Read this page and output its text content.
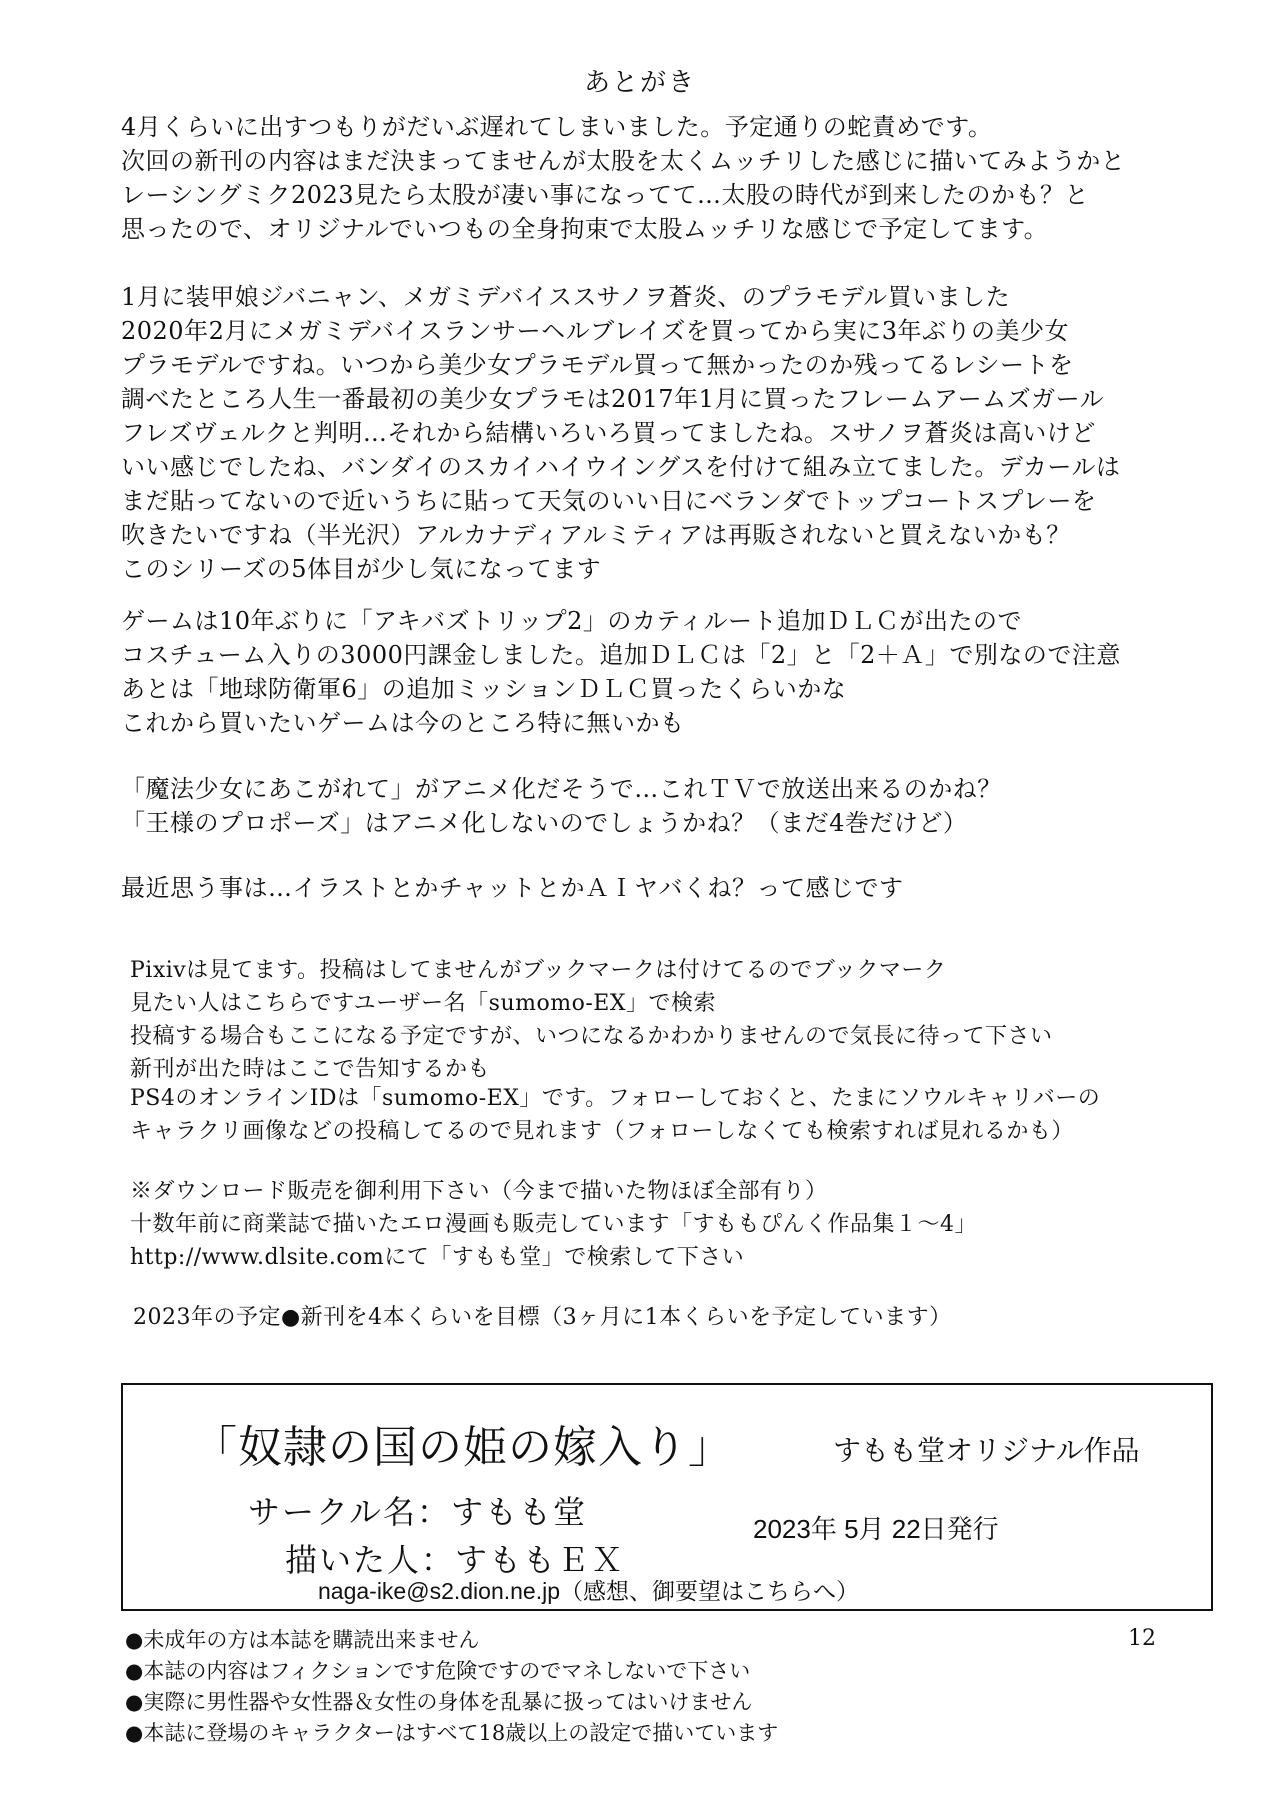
あとがき
4月くらいに出すつもりがだいぶ遅れてしまいました。予定通りの蛇責めです。
次回の新刊の内容はまだ決まってませんが太股を太くムッチリした感じに描いてみようかと
レーシングミク2023見たら太股が凄い事になってて…太股の時代が到来したのかも？と
思ったので、オリジナルでいつもの全身拘束で太股ムッチリな感じで予定してます。
1月に装甲娘ジバニャン、メガミデバイススサノヲ蒼炎、のプラモデル買いました
2020年2月にメガミデバイスランサーヘルブレイズを買ってから実に3年ぶりの美少女
プラモデルですね。いつから美少女プラモデル買って無かったのか残ってるレシートを
調べたところ人生一番最初の美少女プラモは2017年1月に買ったフレームアームズガール
フレズヴェルクと判明…それから結構いろいろ買ってましたね。スサノヲ蒼炎は高いけど
いい感じでしたね、バンダイのスカイハイウイングスを付けて組み立てました。デカールは
まだ貼ってないので近いうちに貼って天気のいい日にベランダでトップコートスプレーを
吹きたいですね（半光沢）アルカナディアルミティアは再販されないと買えないかも？
このシリーズの5体目が少し気になってます
ゲームは10年ぶりに「アキバズトリップ2」のカティルート追加ＤＬＣが出たので
コスチューム入りの3000円課金しました。追加ＤＬＣは「2」と「2＋Ａ」で別なので注意
あとは「地球防衛軍6」の追加ミッションＤＬＣ買ったくらいかな
これから買いたいゲームは今のところ特に無いかも
「魔法少女にあこがれて」がアニメ化だそうで…これＴＶで放送出来るのかね？
「王様のプロポーズ」はアニメ化しないのでしょうかね？（まだ4巻だけど）
最近思う事は…イラストとかチャットとかＡＩヤバくね？って感じです
Pixivは見てます。投稿はしてませんがブックマークは付けてるのでブックマーク
見たい人はこちらですユーザー名「sumomo-EX」で検索
投稿する場合もここになる予定ですが、いつになるかわかりませんので気長に待って下さい
新刊が出た時はここで告知するかも
PS4のオンラインIDは「sumomo-EX」です。フォローしておくと、たまにソウルキャリバーの
キャラクリ画像などの投稿してるので見れます（フォローしなくても検索すれば見れるかも）
※ダウンロード販売を御利用下さい（今まで描いた物ほぼ全部有り）
十数年前に商業誌で描いたエロ漫画も販売しています「すももぴんく作品集１～4」
http://www.dlsite.comにて「すもも堂」で検索して下さい
2023年の予定●新刊を4本くらいを目標（3ヶ月に1本くらいを予定しています）
「奴隷の国の姫の嫁入り」	すもも堂オリジナル作品
サークル名：すもも堂
描いた人：すももＥＸ
2023年 5月 22日発行
naga-ike@s2.dion.ne.jp（感想、御要望はこちらへ）
●未成年の方は本誌を購読出来ません
●本誌の内容はフィクションです危険ですのでマネしないで下さい
●実際に男性器や女性器＆女性の身体を乱暴に扱ってはいけません
●本誌に登場のキャラクターはすべて18歳以上の設定で描いています
12
